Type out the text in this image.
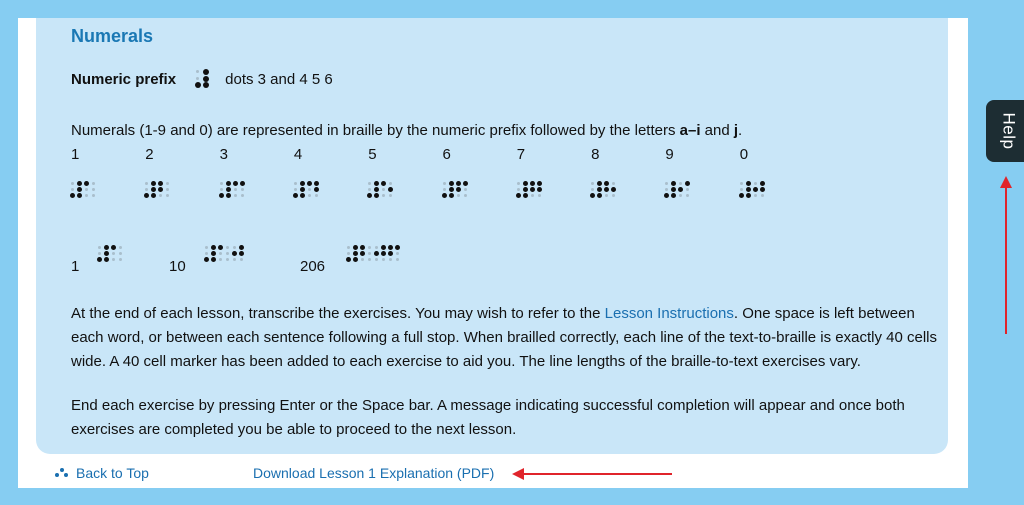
Numerals
Numeric prefix	dots 3 and 4 5 6

Numerals (1-9 and 0) are represented in braille by the numeric prefix followed by the letters a–i and j.

1	2	3	4	5	6	7	8	9	0
1	10	206

At the end of each lesson, transcribe the exercises. You may wish to refer to the Lesson Instructions. One space is left between each word, or between each sentence following a full stop. When brailled correctly, each line of the text-to-braille is exactly 40 cells wide. A 40 cell marker has been added to each exercise to aid you. The line lengths of the braille-to-text exercises vary.

End each exercise by pressing Enter or the Space bar. A message indicating successful completion will appear and once both exercises are completed you be able to proceed to the next lesson.

Back to Top	Download Lesson 1 Explanation (PDF)
Help
